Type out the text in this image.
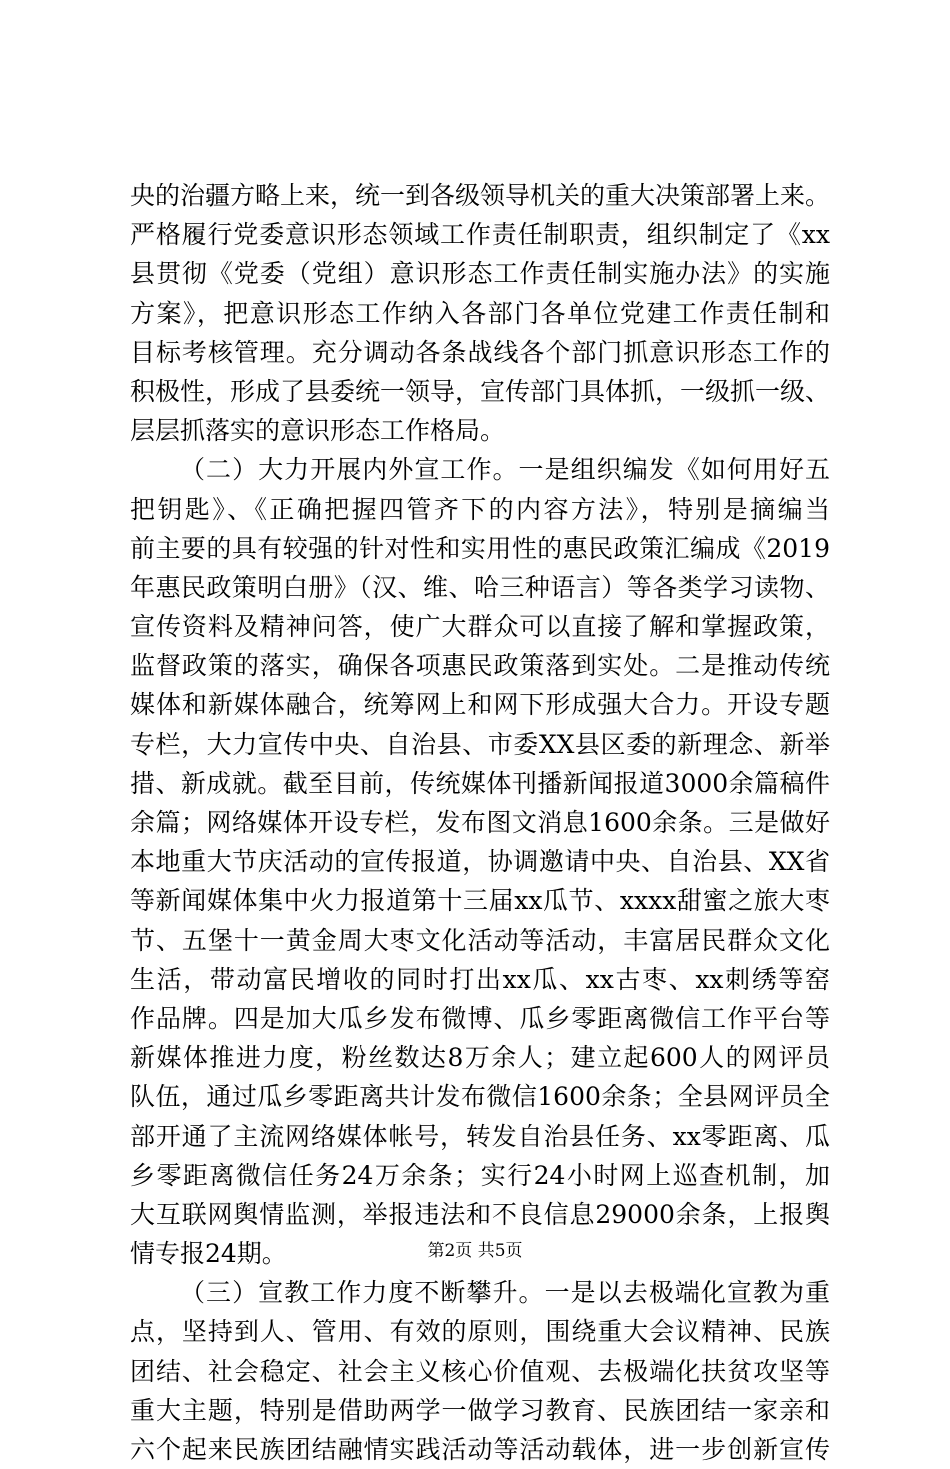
央的治疆方略上来，统一到各级领导机关的重大决策部署上来。
严格履行党委意识形态领域工作责任制职责，组织制定了《xx
县贯彻《党委（党组）意识形态工作责任制实施办法》的实施
方案》，把意识形态工作纳入各部门各单位党建工作责任制和
目标考核管理。充分调动各条战线各个部门抓意识形态工作的
积极性，形成了县委统一领导，宣传部门具体抓，一级抓一级、
层层抓落实的意识形态工作格局。
（二）大力开展内外宣工作。一是组织编发《如何用好五
把钥匙》、《正确把握四管齐下的内容方法》，特别是摘编当
前主要的具有较强的针对性和实用性的惠民政策汇编成《2019
年惠民政策明白册》（汉、维、哈三种语言）等各类学习读物、
宣传资料及精神问答，使广大群众可以直接了解和掌握政策，
监督政策的落实，确保各项惠民政策落到实处。二是推动传统
媒体和新媒体融合，统筹网上和网下形成强大合力。开设专题
专栏，大力宣传中央、自治县、市委XX县区委的新理念、新举
措、新成就。截至目前，传统媒体刊播新闻报道3000余篇稿件
余篇；网络媒体开设专栏，发布图文消息1600余条。三是做好
本地重大节庆活动的宣传报道，协调邀请中央、自治县、XX省
等新闻媒体集中火力报道第十三届xx瓜节、xxxx甜蜜之旅大枣
节、五堡十一黄金周大枣文化活动等活动，丰富居民群众文化
生活，带动富民增收的同时打出xx瓜、xx古枣、xx刺绣等窑
作品牌。四是加大瓜乡发布微博、瓜乡零距离微信工作平台等
新媒体推进力度，粉丝数达8万余人；建立起600人的网评员
队伍，通过瓜乡零距离共计发布微信1600余条；全县网评员全
部开通了主流网络媒体帐号，转发自治县任务、xx零距离、瓜
乡零距离微信任务24万余条；实行24小时网上巡查机制，加
大互联网舆情监测，举报违法和不良信息29000余条，上报舆
情专报24期。
（三）宣教工作力度不断攀升。一是以去极端化宣教为重
点，坚持到人、管用、有效的原则，围绕重大会议精神、民族
团结、社会稳定、社会主义核心价值观、去极端化扶贫攻坚等
重大主题，特别是借助两学一做学习教育、民族团结一家亲和
六个起来民族团结融情实践活动等活动载体，进一步创新宣传
第2页 共5页
